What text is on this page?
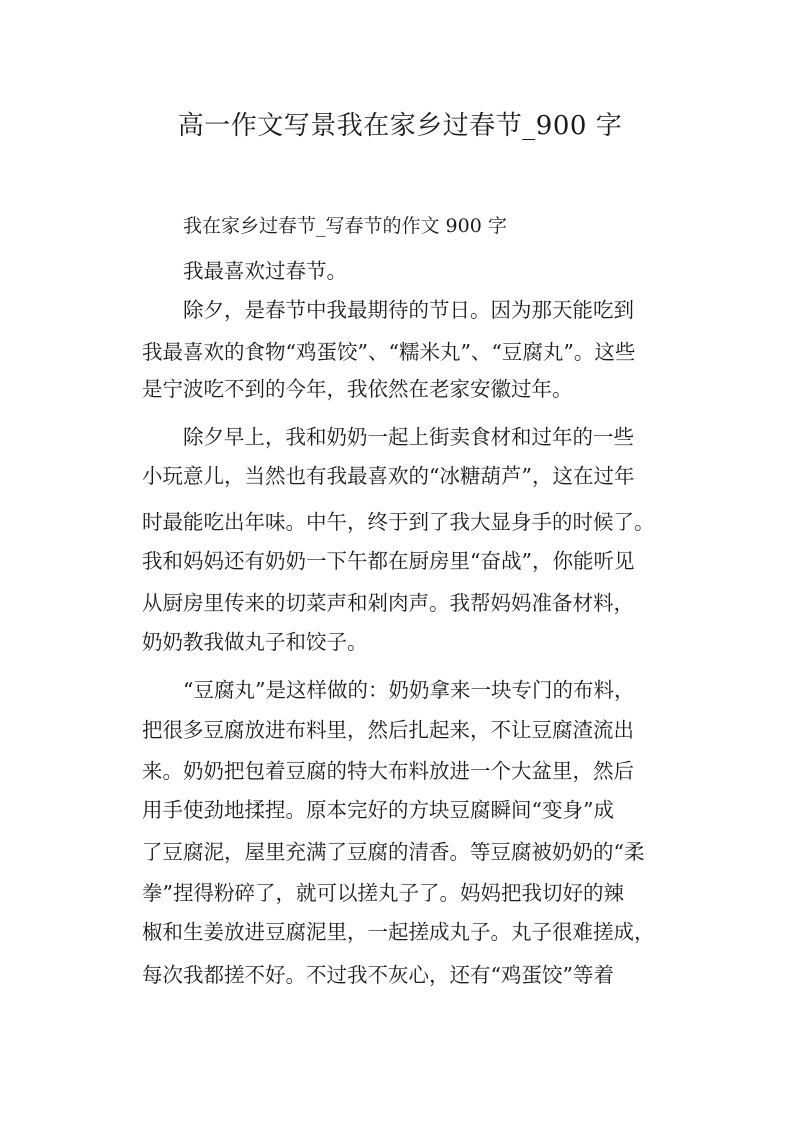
高一作文写景我在家乡过春节_900 字
我在家乡过春节_写春节的作文 900 字
我最喜欢过春节。
除夕，是春节中我最期待的节日。因为那天能吃到
我最喜欢的食物“鸡蛋饺”、“糯米丸”、“豆腐丸”。这些
是宁波吃不到的今年，我依然在老家安徽过年。
除夕早上，我和奶奶一起上街卖食材和过年的一些
小玩意儿，当然也有我最喜欢的“冰糖葫芦”，这在过年
时最能吃出年味。中午，终于到了我大显身手的时候了。
我和妈妈还有奶奶一下午都在厨房里“奋战”，你能听见
从厨房里传来的切菜声和剁肉声。我帮妈妈准备材料，
奶奶教我做丸子和饺子。
“豆腐丸”是这样做的：奶奶拿来一块专门的布料，
把很多豆腐放进布料里，然后扎起来，不让豆腐渣流出
来。奶奶把包着豆腐的特大布料放进一个大盆里，然后
用手使劲地揉捏。原本完好的方块豆腐瞬间“变身”成
了豆腐泥，屋里充满了豆腐的清香。等豆腐被奶奶的“柔
拳”捏得粉碎了，就可以搓丸子了。妈妈把我切好的辣
椒和生姜放进豆腐泥里，一起搓成丸子。丸子很难搓成，
每次我都搓不好。不过我不灰心，还有“鸡蛋饺”等着
